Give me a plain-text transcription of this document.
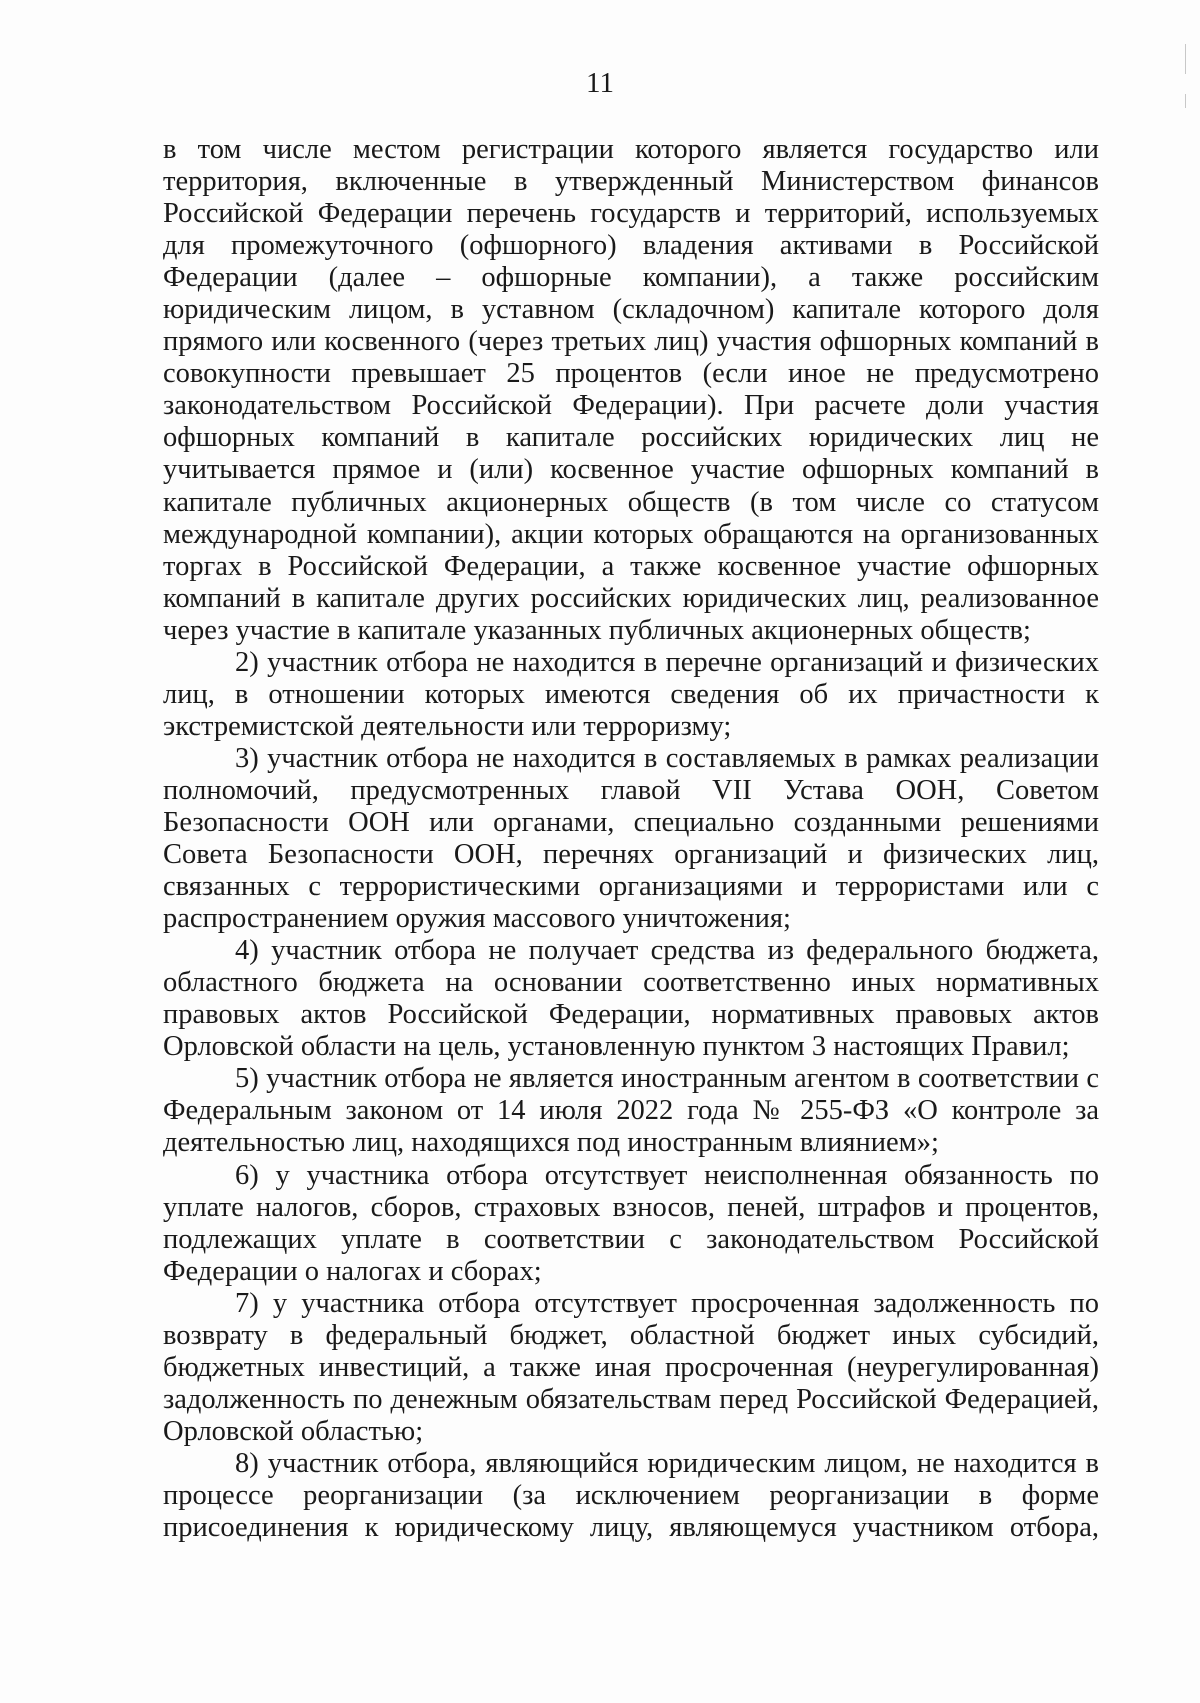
11

в том числе местом регистрации которого является государство или территория, включенные в утвержденный Министерством финансов Российской Федерации перечень государств и территорий, используемых для промежуточного (офшорного) владения активами в Российской Федерации (далее – офшорные компании), а также российским юридическим лицом, в уставном (складочном) капитале которого доля прямого или косвенного (через третьих лиц) участия офшорных компаний в совокупности превышает 25 процентов (если иное не предусмотрено законодательством Российской Федерации). При расчете доли участия офшорных компаний в капитале российских юридических лиц не учитывается прямое и (или) косвенное участие офшорных компаний в капитале публичных акционерных обществ (в том числе со статусом международной компании), акции которых обращаются на организованных торгах в Российской Федерации, а также косвенное участие офшорных компаний в капитале других российских юридических лиц, реализованное через участие в капитале указанных публичных акционерных обществ;

2) участник отбора не находится в перечне организаций и физических лиц, в отношении которых имеются сведения об их причастности к экстремистской деятельности или терроризму;

3) участник отбора не находится в составляемых в рамках реализации полномочий, предусмотренных главой VII Устава ООН, Советом Безопасности ООН или органами, специально созданными решениями Совета Безопасности ООН, перечнях организаций и физических лиц, связанных с террористическими организациями и террористами или с распространением оружия массового уничтожения;

4) участник отбора не получает средства из федерального бюджета, областного бюджета на основании соответственно иных нормативных правовых актов Российской Федерации, нормативных правовых актов Орловской области на цель, установленную пунктом 3 настоящих Правил;

5) участник отбора не является иностранным агентом в соответствии с Федеральным законом от 14 июля 2022 года № 255-ФЗ «О контроле за деятельностью лиц, находящихся под иностранным влиянием»;

6) у участника отбора отсутствует неисполненная обязанность по уплате налогов, сборов, страховых взносов, пеней, штрафов и процентов, подлежащих уплате в соответствии с законодательством Российской Федерации о налогах и сборах;

7) у участника отбора отсутствует просроченная задолженность по возврату в федеральный бюджет, областной бюджет иных субсидий, бюджетных инвестиций, а также иная просроченная (неурегулированная) задолженность по денежным обязательствам перед Российской Федерацией, Орловской областью;

8) участник отбора, являющийся юридическим лицом, не находится в процессе реорганизации (за исключением реорганизации в форме присоединения к юридическому лицу, являющемуся участником отбора,
